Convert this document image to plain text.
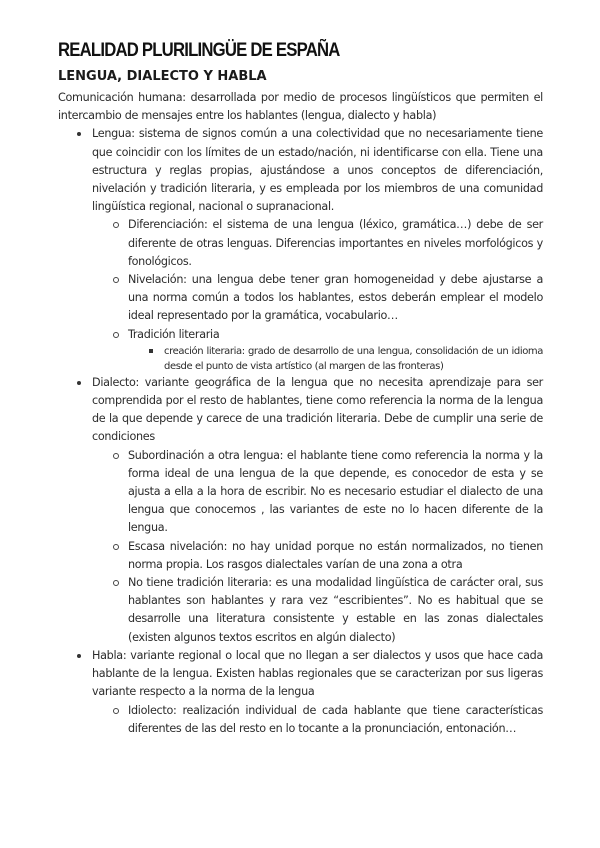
REALIDAD PLURILINGÜE DE ESPAÑA
LENGUA, DIALECTO Y HABLA

Comunicación humana: desarrollada por medio de procesos lingüísticos que permiten el intercambio de mensajes entre los hablantes (lengua, dialecto y habla)

Lengua: sistema de signos común a una colectividad que no necesariamente tiene que coincidir con los límites de un estado/nación, ni identificarse con ella. Tiene una estructura y reglas propias, ajustándose a unos conceptos de diferenciación, nivelación y tradición literaria, y es empleada por los miembros de una comunidad lingüística regional, nacional o supranacional.
Diferenciación: el sistema de una lengua (léxico, gramática…) debe de ser diferente de otras lenguas. Diferencias importantes en niveles morfológicos y fonológicos.
Nivelación: una lengua debe tener gran homogeneidad y debe ajustarse a una norma común a todos los hablantes, estos deberán emplear el modelo ideal representado por la gramática, vocabulario…
Tradición literaria
creación literaria: grado de desarrollo de una lengua, consolidación de un idioma desde el punto de vista artístico (al margen de las fronteras)
Dialecto: variante geográfica de la lengua que no necesita aprendizaje para ser comprendida por el resto de hablantes, tiene como referencia la norma de la lengua de la que depende y carece de una tradición literaria. Debe de cumplir una serie de condiciones
Subordinación a otra lengua: el hablante tiene como referencia la norma y la forma ideal de una lengua de la que depende, es conocedor de esta y se ajusta a ella a la hora de escribir. No es necesario estudiar el dialecto de una lengua que conocemos , las variantes de este no lo hacen diferente de la lengua.
Escasa nivelación: no hay unidad porque no están normalizados, no tienen norma propia. Los rasgos dialectales varían de una zona a otra
No tiene tradición literaria: es una modalidad lingüística de carácter oral, sus hablantes son hablantes y rara vez “escribientes”. No es habitual que se desarrolle una literatura consistente y estable en las zonas dialectales (existen algunos textos escritos en algún dialecto)
Habla: variante regional o local que no llegan a ser dialectos y usos que hace cada hablante de la lengua. Existen hablas regionales que se caracterizan por sus ligeras variante respecto a la norma de la lengua
Idiolecto: realización individual de cada hablante que tiene características diferentes de las del resto en lo tocante a la pronunciación, entonación…
